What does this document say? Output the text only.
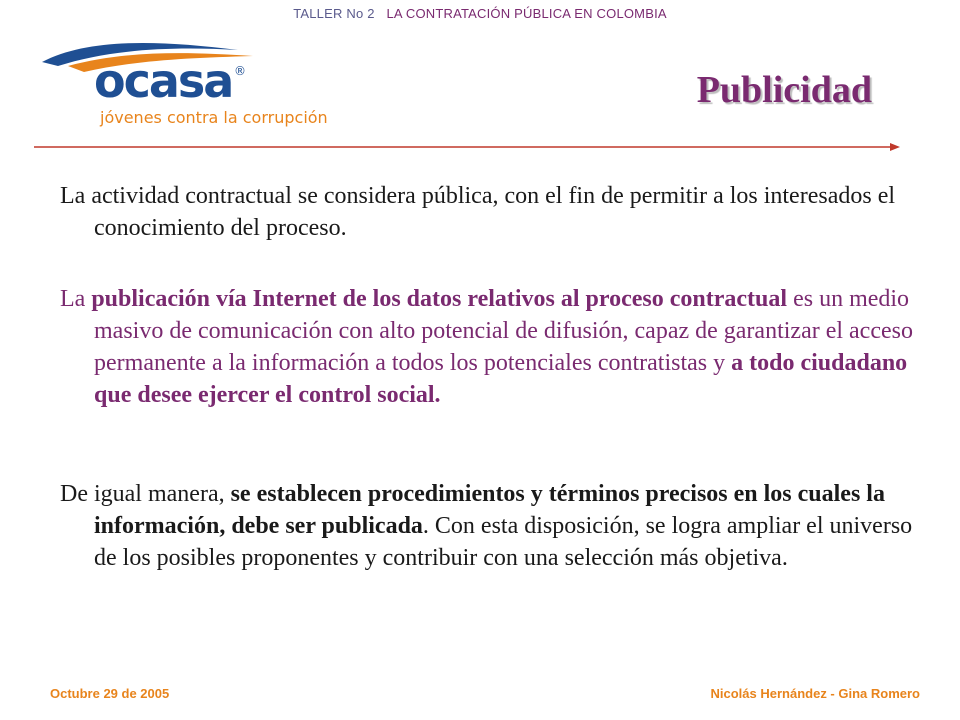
TALLER No 2 LA CONTRATACIÓN PÚBLICA EN COLOMBIA
ocasa ®
jóvenes contra la corrupción
Publicidad

La actividad contractual se considera pública, con el fin de permitir a los interesados el conocimiento del proceso.

La publicación vía Internet de los datos relativos al proceso contractual es un medio masivo de comunicación con alto potencial de difusión, capaz de garantizar el acceso permanente a la información a todos los potenciales contratistas y a todo ciudadano que desee ejercer el control social.

De igual manera, se establecen procedimientos y términos precisos en los cuales la información, debe ser publicada. Con esta disposición, se logra ampliar el universo de los posibles proponentes y contribuir con una selección más objetiva.

Octubre 29 de 2005	Nicolás Hernández - Gina Romero
